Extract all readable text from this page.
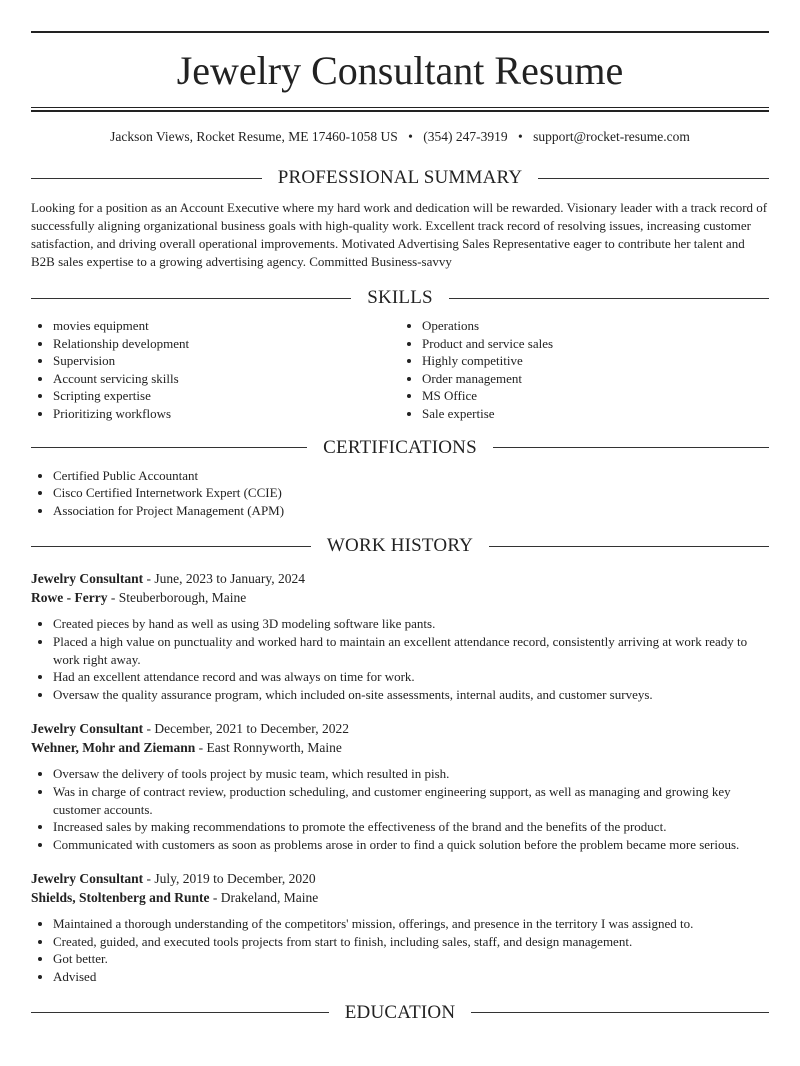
Jewelry Consultant Resume
Jackson Views, Rocket Resume, ME 17460-1058 US • (354) 247-3919 • support@rocket-resume.com
PROFESSIONAL SUMMARY
Looking for a position as an Account Executive where my hard work and dedication will be rewarded. Visionary leader with a track record of successfully aligning organizational business goals with high-quality work. Excellent track record of resolving issues, increasing customer satisfaction, and driving overall operational improvements. Motivated Advertising Sales Representative eager to contribute her talent and B2B sales expertise to a growing advertising agency. Committed Business-savvy
SKILLS
• movies equipment
• Relationship development
• Supervision
• Account servicing skills
• Scripting expertise
• Prioritizing workflows
• Operations
• Product and service sales
• Highly competitive
• Order management
• MS Office
• Sale expertise
CERTIFICATIONS
• Certified Public Accountant
• Cisco Certified Internetwork Expert (CCIE)
• Association for Project Management (APM)
WORK HISTORY
Jewelry Consultant - June, 2023 to January, 2024
Rowe - Ferry - Steuberborough, Maine
• Created pieces by hand as well as using 3D modeling software like pants.
• Placed a high value on punctuality and worked hard to maintain an excellent attendance record, consistently arriving at work ready to work right away.
• Had an excellent attendance record and was always on time for work.
• Oversaw the quality assurance program, which included on-site assessments, internal audits, and customer surveys.
Jewelry Consultant - December, 2021 to December, 2022
Wehner, Mohr and Ziemann - East Ronnyworth, Maine
• Oversaw the delivery of tools project by music team, which resulted in pish.
• Was in charge of contract review, production scheduling, and customer engineering support, as well as managing and growing key customer accounts.
• Increased sales by making recommendations to promote the effectiveness of the brand and the benefits of the product.
• Communicated with customers as soon as problems arose in order to find a quick solution before the problem became more serious.
Jewelry Consultant - July, 2019 to December, 2020
Shields, Stoltenberg and Runte - Drakeland, Maine
• Maintained a thorough understanding of the competitors' mission, offerings, and presence in the territory I was assigned to.
• Created, guided, and executed tools projects from start to finish, including sales, staff, and design management.
• Got better.
• Advised
EDUCATION
